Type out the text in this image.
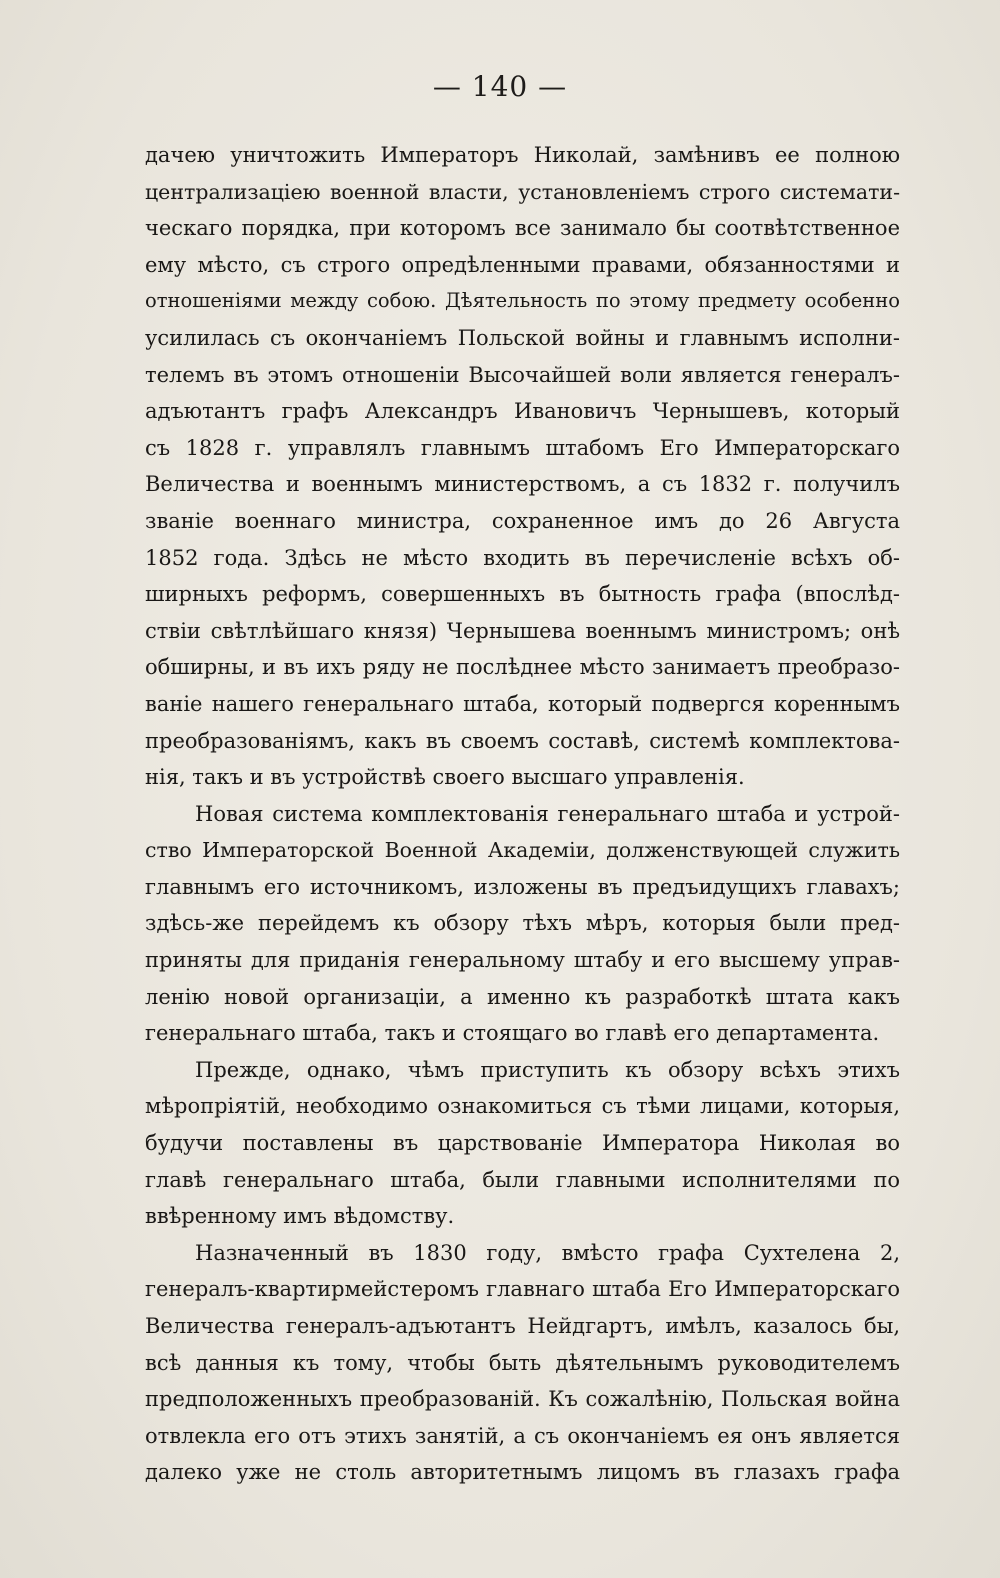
— 140 —
дачею уничтожить Императоръ Николай, замѣнивъ ее полною
централизацiею военной власти, установленiемъ строго системати-
ческаго порядка, при которомъ все занимало бы соотвѣтственное
ему мѣсто, съ строго опредѣленными правами, обязанностями и
отношенiями между собою. Дѣятельность по этому предмету особенно
усилилась съ окончанiемъ Польской войны и главнымъ исполни-
телемъ въ этомъ отношенiи Высочайшей воли является генералъ-
адъютантъ графъ Александръ Ивановичъ Чернышевъ, который
съ 1828 г. управлялъ главнымъ штабомъ Его Императорскаго
Величества и военнымъ министерствомъ, а съ 1832 г. получилъ
званiе военнаго министра, сохраненное имъ до 26 Августа
1852 года. Здѣсь не мѣсто входить въ перечисленiе всѣхъ об-
ширныхъ реформъ, совершенныхъ въ бытность графа (впослѣд-
ствiи свѣтлѣйшаго князя) Чернышева военнымъ министромъ; онѣ
обширны, и въ ихъ ряду не послѣднее мѣсто занимаетъ преобразо-
ванiе нашего генеральнаго штаба, который подвергся кореннымъ
преобразованiямъ, какъ въ своемъ составѣ, системѣ комплектова-
нiя, такъ и въ устройствѣ своего высшаго управленiя.
Новая система комплектованiя генеральнаго штаба и устрой-
ство Императорской Военной Академiи, долженствующей служить
главнымъ его источникомъ, изложены въ предъидущихъ главахъ;
здѣсь-же перейдемъ къ обзору тѣхъ мѣръ, которыя были пред-
приняты для приданiя генеральному штабу и его высшему управ-
ленiю новой организацiи, а именно къ разработкѣ штата какъ
генеральнаго штаба, такъ и стоящаго во главѣ его департамента.
Прежде, однако, чѣмъ приступить къ обзору всѣхъ этихъ
мѣропрiятiй, необходимо ознакомиться съ тѣми лицами, которыя,
будучи поставлены въ царствованiе Императора Николая во
главѣ генеральнаго штаба, были главными исполнителями по
ввѣренному имъ вѣдомству.
Назначенный въ 1830 году, вмѣсто графа Сухтелена 2,
генералъ-квартирмейстеромъ главнаго штаба Его Императорскаго
Величества генералъ-адъютантъ Нейдгартъ, имѣлъ, казалось бы,
всѣ данныя къ тому, чтобы быть дѣятельнымъ руководителемъ
предположенныхъ преобразованiй. Къ сожалѣнiю, Польская война
отвлекла его отъ этихъ занятiй, а съ окончанiемъ ея онъ является
далеко уже не столь авторитетнымъ лицомъ въ глазахъ графа
